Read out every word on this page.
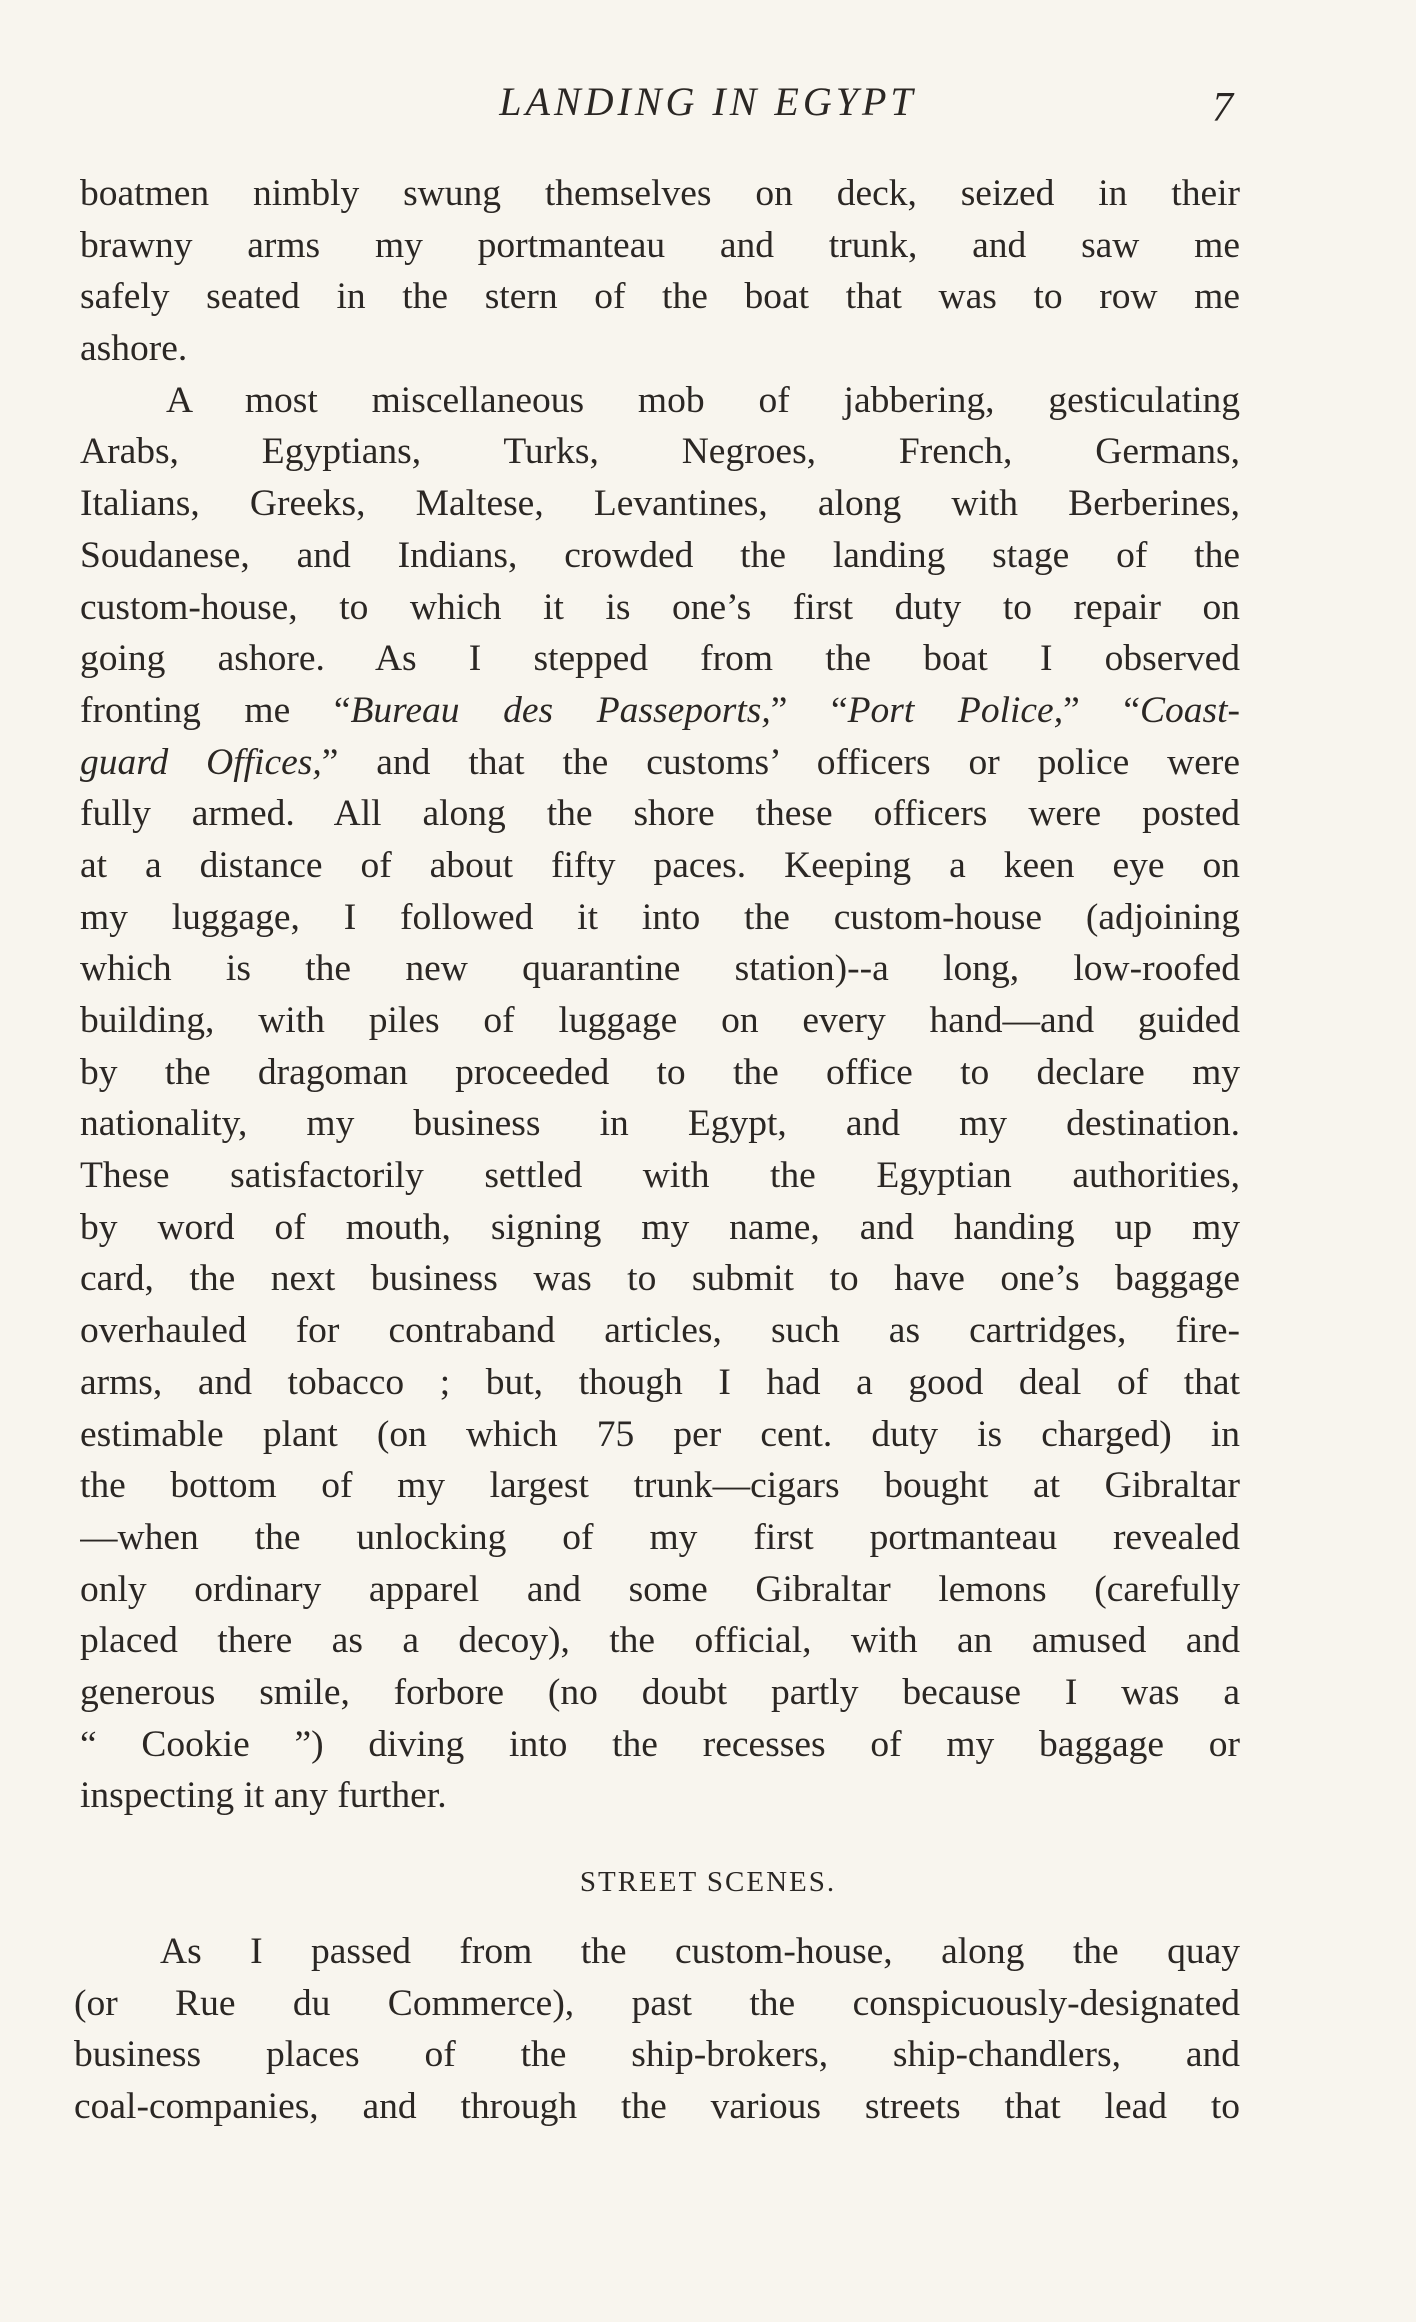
LANDING IN EGYPT	7
boatmen nimbly swung themselves on deck, seized in their
brawny arms my portmanteau and trunk, and saw me
safely seated in the stern of the boat that was to row me
ashore.
A most miscellaneous mob of jabbering, gesticulating
Arabs, Egyptians, Turks, Negroes, French, Germans,
Italians, Greeks, Maltese, Levantines, along with Berberines,
Soudanese, and Indians, crowded the landing stage of the
custom-house, to which it is one’s first duty to repair on
going ashore. As I stepped from the boat I observed
fronting me “Bureau des Passeports,” “Port Police,” “Coast-
guard Offices,” and that the customs’ officers or police were
fully armed. All along the shore these officers were posted
at a distance of about fifty paces. Keeping a keen eye on
my luggage, I followed it into the custom-house (adjoining
which is the new quarantine station)--a long, low-roofed
building, with piles of luggage on every hand—and guided
by the dragoman proceeded to the office to declare my
nationality, my business in Egypt, and my destination.
These satisfactorily settled with the Egyptian authorities,
by word of mouth, signing my name, and handing up my
card, the next business was to submit to have one’s baggage
overhauled for contraband articles, such as cartridges, fire-
arms, and tobacco ; but, though I had a good deal of that
estimable plant (on which 75 per cent. duty is charged) in
the bottom of my largest trunk—cigars bought at Gibraltar
—when the unlocking of my first portmanteau revealed
only ordinary apparel and some Gibraltar lemons (carefully
placed there as a decoy), the official, with an amused and
generous smile, forbore (no doubt partly because I was a
“ Cookie ”) diving into the recesses of my baggage or
inspecting it any further.
STREET SCENES.
As I passed from the custom-house, along the quay
(or Rue du Commerce), past the conspicuously-designated
business places of the ship-brokers, ship-chandlers, and
coal-companies, and through the various streets that lead to
